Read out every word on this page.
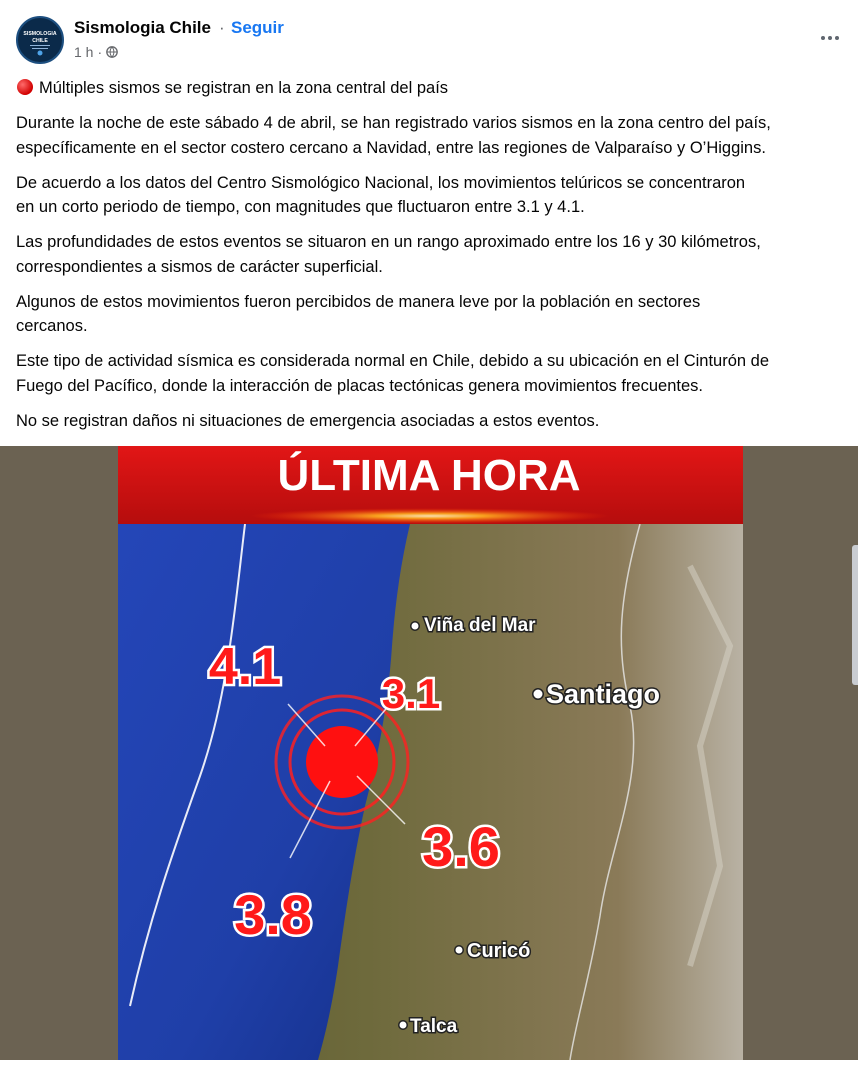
SISMOLOGIA
CHILE
Sismologia Chile · Seguir
1 h ·

Múltiples sismos se registran en la zona central del país

Durante la noche de este sábado 4 de abril, se han registrado varios sismos en la zona centro del país,
específicamente en el sector costero cercano a Navidad, entre las regiones de Valparaíso y O’Higgins.

De acuerdo a los datos del Centro Sismológico Nacional, los movimientos telúricos se concentraron
en un corto periodo de tiempo, con magnitudes que fluctuaron entre 3.1 y 4.1.

Las profundidades de estos eventos se situaron en un rango aproximado entre los 16 y 30 kilómetros,
correspondientes a sismos de carácter superficial.

Algunos de estos movimientos fueron percibidos de manera leve por la población en sectores
cercanos.

Este tipo de actividad sísmica es considerada normal en Chile, debido a su ubicación en el Cinturón de
Fuego del Pacífico, donde la interacción de placas tectónicas genera movimientos frecuentes.

No se registran daños ni situaciones de emergencia asociadas a estos eventos.

ÚLTIMA HORA
4.1 3.1
3.6
3.8
Viña del Mar
Santiago
Curicó
Talca
